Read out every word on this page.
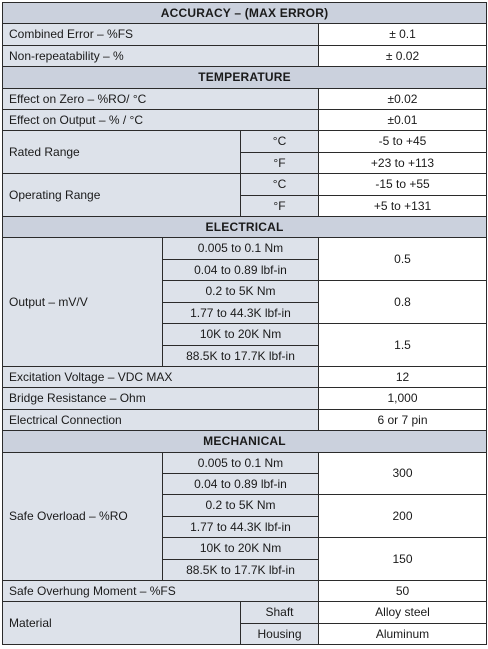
ACCURACY – (MAX ERROR)			
Combined Error – %FS			± 0.1
Non-repeatability – %			± 0.02
TEMPERATURE			
Effect on Zero – %RO/ °C			±0.02
Effect on Output – % / °C			±0.01
Rated Range		°C	-5 to +45
		°F	+23 to +113
Operating Range		°C	-15 to +55
		°F	+5 to +131
ELECTRICAL			
Output – mV/V	0.005 to 0.1 Nm		0.5
	0.04 to 0.89 lbf-in		
	0.2 to 5K Nm		0.8
	1.77 to 44.3K lbf-in		
	10K to 20K Nm		1.5
	88.5K to 17.7K lbf-in		
Excitation Voltage – VDC MAX			12
Bridge Resistance – Ohm			1,000
Electrical Connection			6 or 7 pin
MECHANICAL			
Safe Overload – %RO	0.005 to 0.1 Nm		300
	0.04 to 0.89 lbf-in		
	0.2 to 5K Nm		200
	1.77 to 44.3K lbf-in		
	10K to 20K Nm		150
	88.5K to 17.7K lbf-in		
Safe Overhung Moment – %FS			50
Material		Shaft	Alloy steel
		Housing	Aluminum
